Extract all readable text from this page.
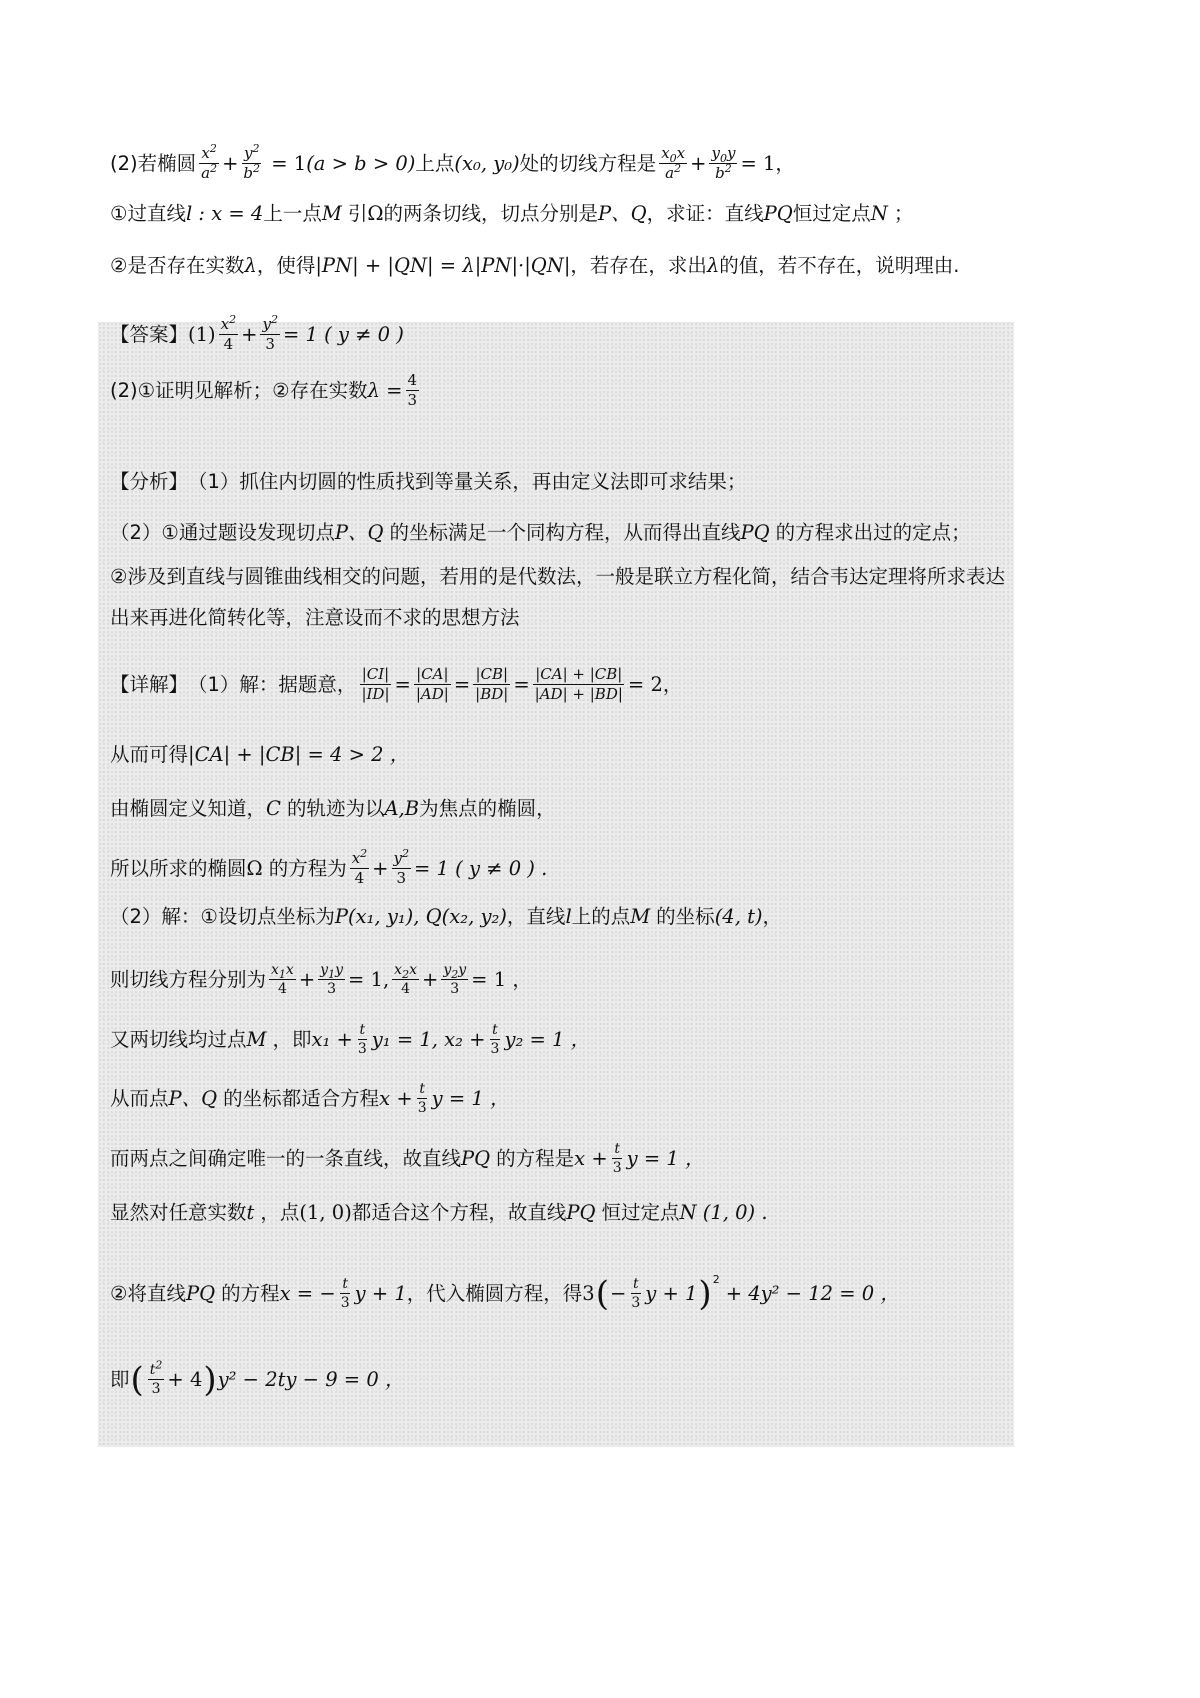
(2)若椭圆 $\frac{x^2}{a^2} + \frac{y^2}{b^2} = 1$ (a > b > 0) 上点 (x₀, y₀) 处的切线方程是 $\frac{x_0x}{a^2} + \frac{y_0y}{b^2} = 1$，
①过直线 l : x = 4 上一点 M 引 Ω 的两条切线，切点分别是 P、Q ，求证：直线 PQ 恒过定点 N ；
②是否存在实数 λ ，使得 |PN| + |QN| = λ|PN|·|QN| ，若存在，求出 λ 的值，若不存在，说明理由.
【答案】 $(1) \frac{x^2}{4} + \frac{y^2}{3} = 1$ ( y ≠ 0 )
(2)①证明见解析；②存在实数 $\lambda = \frac{4}{3}$
【分析】 （1）抓住内切圆的性质找到等量关系，再由定义法即可求结果；
（2）①通过题设发现切点 P、Q 的坐标满足一个同构方程，从而得出直线 PQ 的方程求出过的定点；
②涉及到直线与圆锥曲线相交的问题，若用的是代数法，一般是联立方程化简，结合韦达定理将所求表达
出来再进化简转化等，注意设而不求的思想方法
【详解】 （1）解：据题意， $\frac{|CI|}{|ID|} = \frac{|CA|}{|AD|} = \frac{|CB|}{|BD|} = \frac{|CA| + |CB|}{|AD| + |BD|} = 2$，
从而可得 |CA| + |CB| = 4 > 2 ，
由椭圆定义知道， C 的轨迹为以 A,B 为焦点的椭圆，
所以所求的椭圆 Ω 的方程为 $\frac{x^2}{4} + \frac{y^2}{3} = 1$ ( y ≠ 0 ) .
（2）解：①设切点坐标为 P(x₁, y₁), Q(x₂, y₂) ，直线 l 上的点 M 的坐标 (4, t) ，
则切线方程分别为 $\frac{x_1x}{4} + \frac{y_1y}{3} = 1$, $\frac{x_2x}{4} + \frac{y_2y}{3} = 1$ ，
又两切线均过点 M ，即 $x_1 + \frac{t}{3} y_1 = 1$, $x_2 + \frac{t}{3} y_2 = 1$ ，
从而点 P、Q 的坐标都适合方程 $x + \frac{t}{3}$ y = 1 ，
而两点之间确定唯一的一条直线，故直线 PQ 的方程是 $x + \frac{t}{3}$ y = 1 ，
显然对任意实数 t ，点 (1, 0) 都适合这个方程，故直线 PQ 恒过定点 N (1, 0) .
②将直线 PQ 的方程 x = − $\frac{t}{3}$ y + 1 ，代入椭圆方程，得 3 ( − $\frac{t}{3}$ y + 1 )$^2$
+ 4y² − 12 = 0 ，
即 ( $\frac{t^2}{3} + 4$ ) y² − 2ty − 9 = 0 ，
